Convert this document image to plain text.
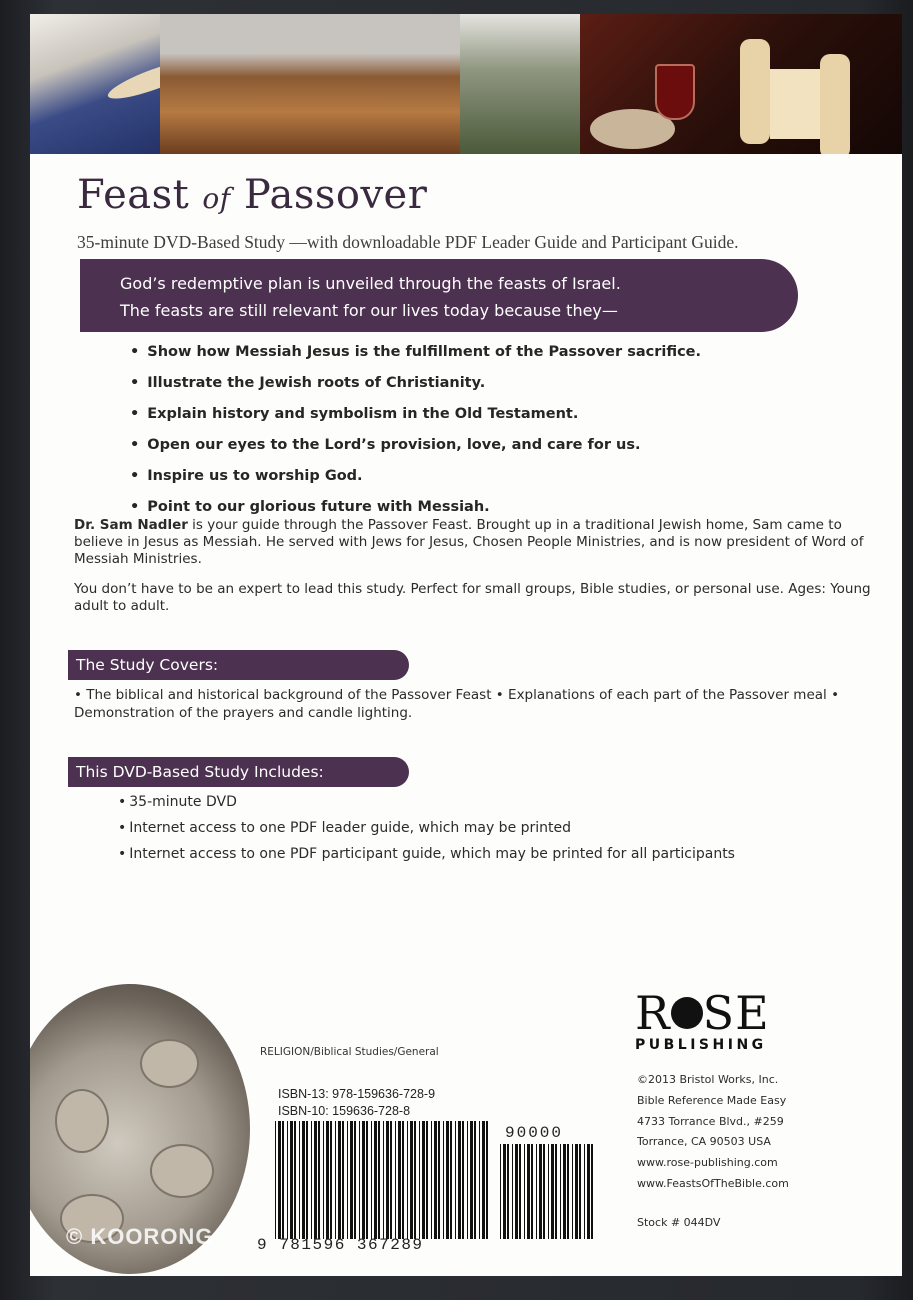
Feast of Passover
35-minute DVD-Based Study —with downloadable PDF Leader Guide and Participant Guide.
God’s redemptive plan is unveiled through the feasts of Israel.
The feasts are still relevant for our lives today because they—
• Show how Messiah Jesus is the fulfillment of the Passover sacrifice.
• Illustrate the Jewish roots of Christianity.
• Explain history and symbolism in the Old Testament.
• Open our eyes to the Lord’s provision, love, and care for us.
• Inspire us to worship God.
• Point to our glorious future with Messiah.

Dr. Sam Nadler is your guide through the Passover Feast. Brought up in a traditional Jewish home, Sam came to believe in Jesus as Messiah. He served with Jews for Jesus, Chosen People Ministries, and is now president of Word of Messiah Ministries.

You don’t have to be an expert to lead this study. Perfect for small groups, Bible studies, or personal use. Ages: Young adult to adult.

The Study Covers:

• The biblical and historical background of the Passover Feast • Explanations of each part of the Passover meal • Demonstration of the prayers and candle lighting.

This DVD-Based Study Includes:
• 35-minute DVD
• Internet access to one PDF leader guide, which may be printed
• Internet access to one PDF participant guide, which may be printed for all participants
© KOORONG
RELIGION/Biblical Studies/General
ISBN-13: 978-159636-728-9
ISBN-10: 159636-728-8
9 781596 367289
90000
R SE
PUBLISHING
©2013 Bristol Works, Inc.
Bible Reference Made Easy
4733 Torrance Blvd., #259
Torrance, CA 90503 USA
www.rose-publishing.com
www.FeastsOfTheBible.com
Stock # 044DV
